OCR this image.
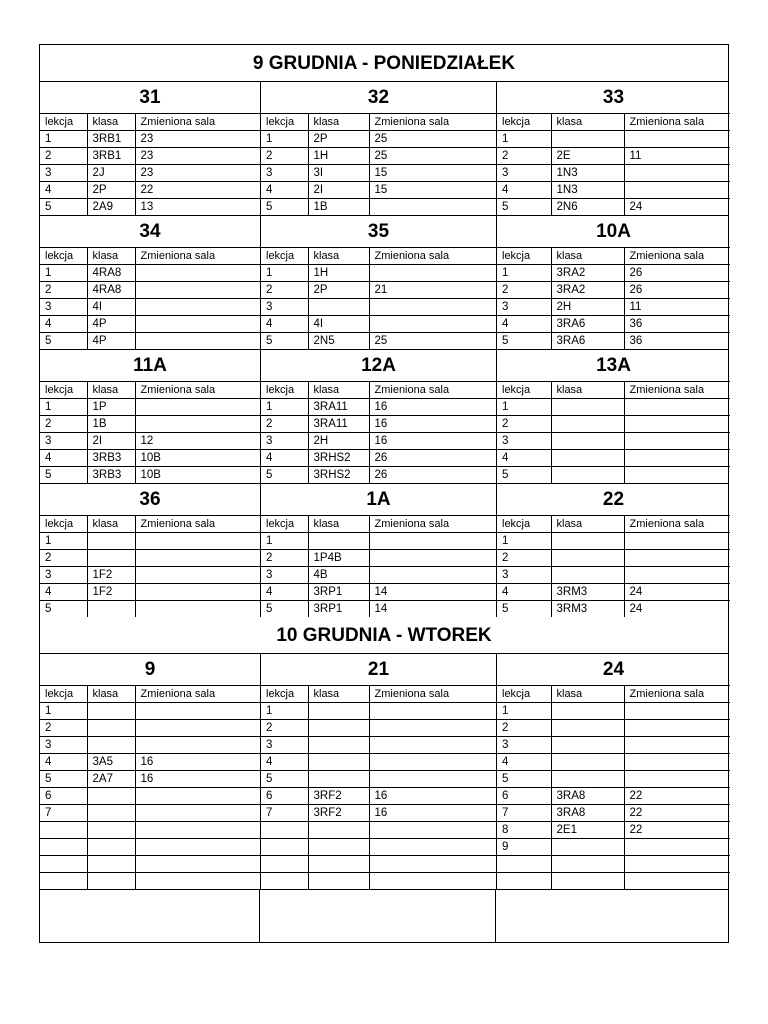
9 GRUDNIA - PONIEDZIAŁEK
31
lekcja	klasa	Zmieniona sala
1	3RB1	23
2	3RB1	23
3	2J	23
4	2P	22
5	2A9	13
32
lekcja	klasa	Zmieniona sala
1	2P	25
2	1H	25
3	3I	15
4	2I	15
5	1B	
33
lekcja	klasa	Zmieniona sala
1		
2	2E	11
3	1N3	
4	1N3	
5	2N6	24
34
lekcja	klasa	Zmieniona sala
1	4RA8	
2	4RA8	
3	4I	
4	4P	
5	4P	
35
lekcja	klasa	Zmieniona sala
1	1H	
2	2P	21
3		
4	4I	
5	2N5	25
10A
lekcja	klasa	Zmieniona sala
1	3RA2	26
2	3RA2	26
3	2H	11
4	3RA6	36
5	3RA6	36
11A
lekcja	klasa	Zmieniona sala
1	1P	
2	1B	
3	2I	12
4	3RB3	10B
5	3RB3	10B
12A
lekcja	klasa	Zmieniona sala
1	3RA11	16
2	3RA11	16
3	2H	16
4	3RHS2	26
5	3RHS2	26
13A
lekcja	klasa	Zmieniona sala
1		
2		
3		
4		
5		
36
lekcja	klasa	Zmieniona sala
1		
2		
3	1F2	
4	1F2	
5		
1A
lekcja	klasa	Zmieniona sala
1		
2	1P4B	
3	4B	
4	3RP1	14
5	3RP1	14
22
lekcja	klasa	Zmieniona sala
1		
2		
3		
4	3RM3	24
5	3RM3	24
10 GRUDNIA - WTOREK
9
lekcja	klasa	Zmieniona sala
1		
2		
3		
4	3A5	16
5	2A7	16
6		
7		

21
lekcja	klasa	Zmieniona sala
1		
2		
3		
4		
5		
6	3RF2	16
7	3RF2	16

24
lekcja	klasa	Zmieniona sala
1		
2		
3		
4		
5		
6	3RA8	22
7	3RA8	22
8	2E1	22
9		
